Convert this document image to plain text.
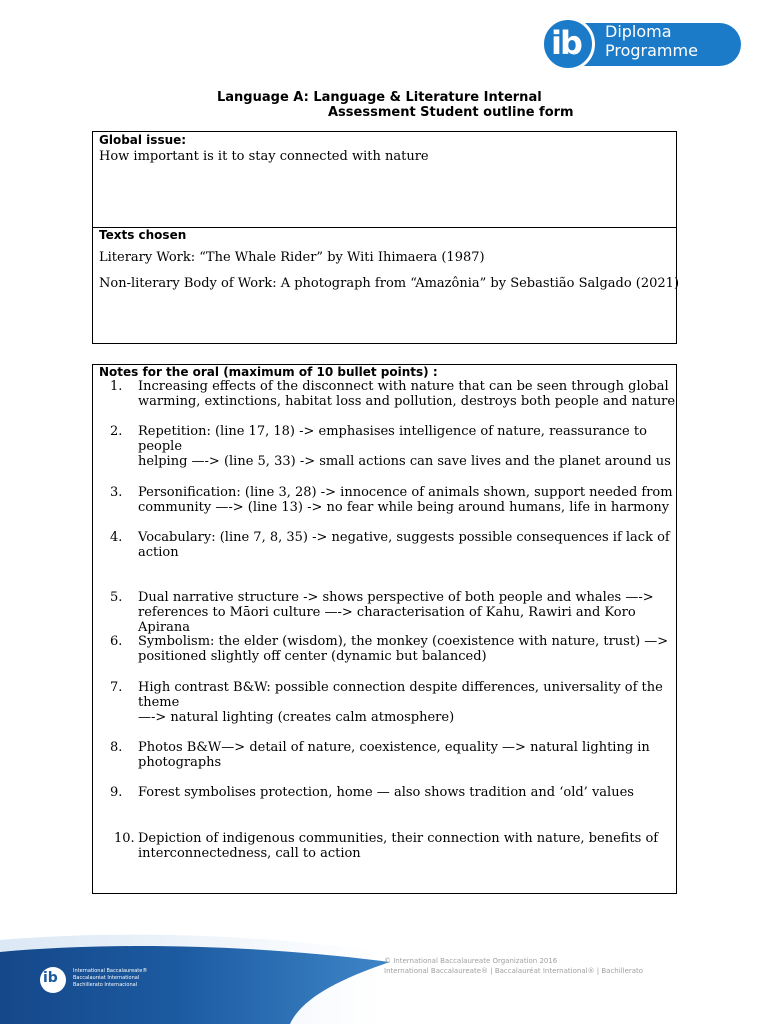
ib Diploma
Programme
Language A: Language & Literature Internal
Assessment Student outline form
Global issue:
How important is it to stay connected with nature
Texts chosen
Literary Work: “The Whale Rider” by Witi Ihimaera (1987)
Non-literary Body of Work: A photograph from “Amazônia” by Sebastião Salgado (2021)
Notes for the oral (maximum of 10 bullet points) :
1. Increasing effects of the disconnect with nature that can be seen through global
warming, extinctions, habitat loss and pollution, destroys both people and nature
2. Repetition: (line 17, 18) -> emphasises intelligence of nature, reassurance to people
helping —-> (line 5, 33) -> small actions can save lives and the planet around us
3. Personification: (line 3, 28) -> innocence of animals shown, support needed from
community —-> (line 13) -> no fear while being around humans, life in harmony
4. Vocabulary: (line 7, 8, 35) -> negative, suggests possible consequences if lack of
action
5. Dual narrative structure -> shows perspective of both people and whales —->
references to Māori culture —-> characterisation of Kahu, Rawiri and Koro Apirana
6. Symbolism: the elder (wisdom), the monkey (coexistence with nature, trust) —>
positioned slightly off center (dynamic but balanced)
7. High contrast B&W: possible connection despite differences, universality of the theme
—-> natural lighting (creates calm atmosphere)
8. Photos B&W—> detail of nature, coexistence, equality —> natural lighting in
photographs
9. Forest symbolises protection, home — also shows tradition and ‘old’ values
10. Depiction of indigenous communities, their connection with nature, benefits of
interconnectedness, call to action
ib	International Baccalaureate®
Baccalauréat International
Bachillerato Internacional
© International Baccalaureate Organization 2016
International Baccalaureate® | Baccalauréat International® | Bachillerato
